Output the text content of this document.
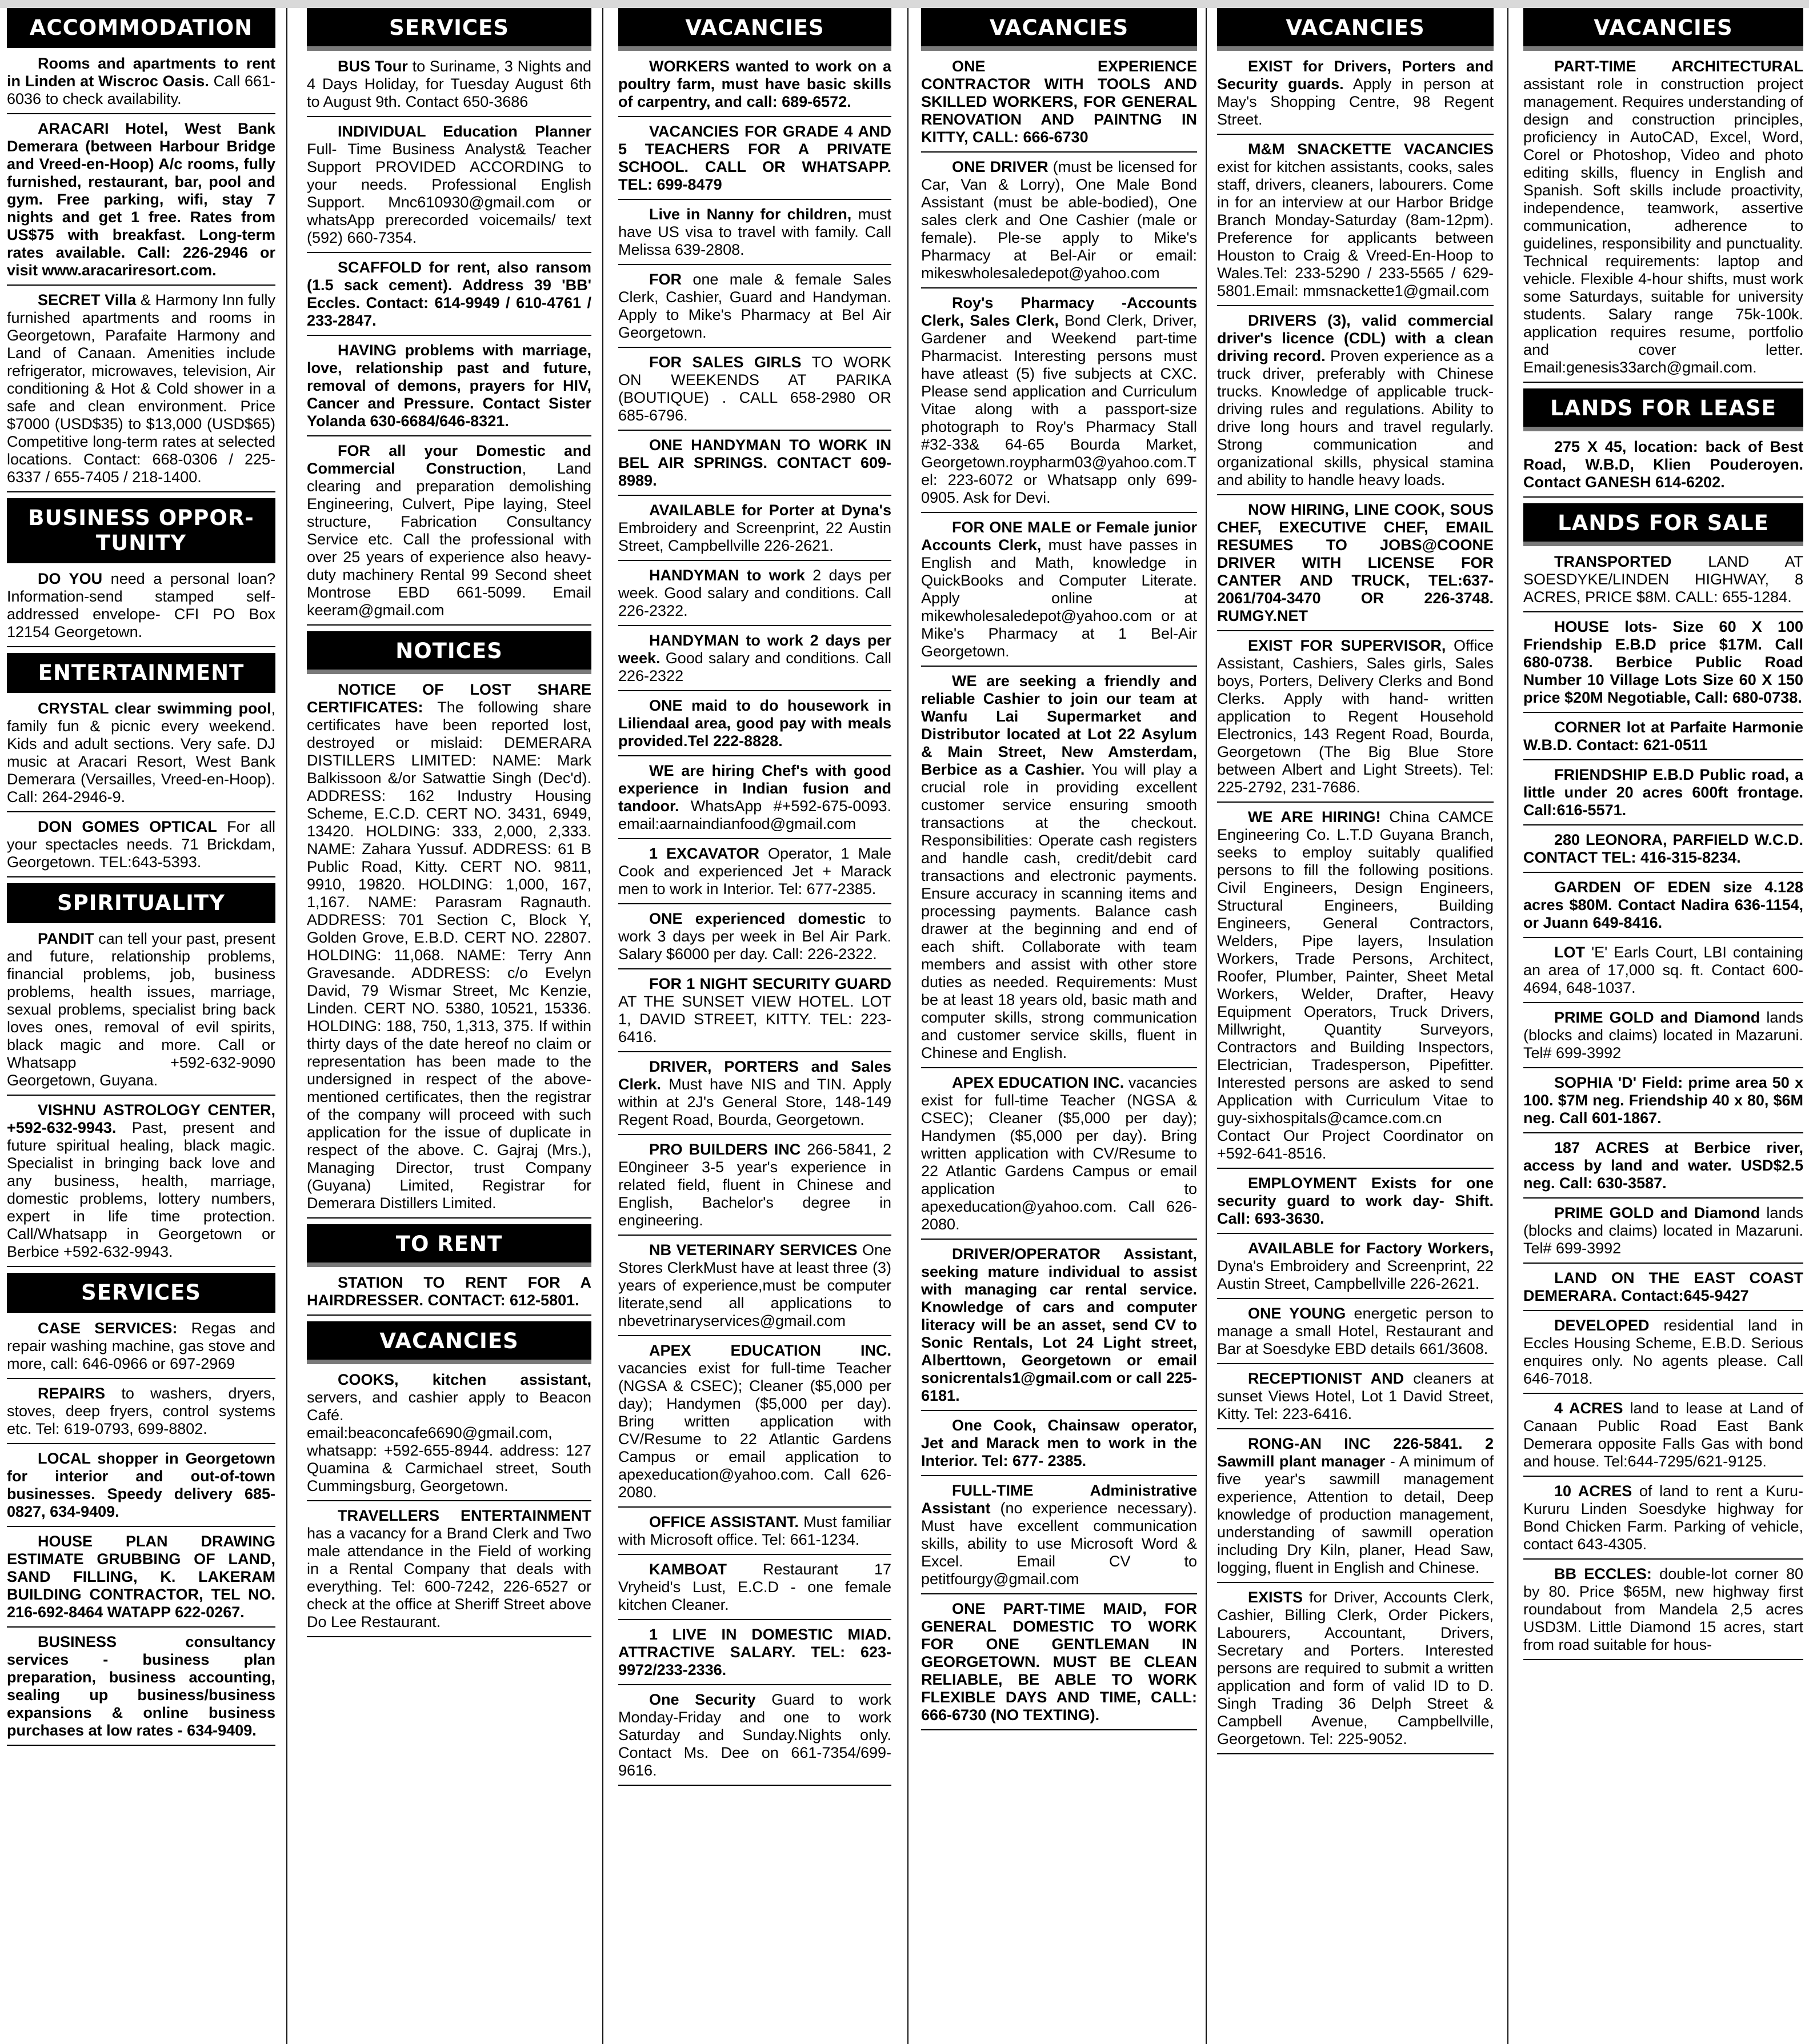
ACCOMMODATION
Rooms and apartments to rent in Linden at Wiscroc Oasis. Call 661-6036 to check availability.
ARACARI Hotel, West Bank Demerara (between Harbour Bridge and Vreed-en-Hoop) A/c rooms, fully furnished, restaurant, bar, pool and gym. Free parking, wifi, stay 7 nights and get 1 free. Rates from US$75 with breakfast. Long-term rates available. Call: 226-2946 or visit www.aracariresort.com.
SECRET Villa & Harmony Inn fully furnished apartments and rooms in Georgetown, Parafaite Harmony and Land of Canaan. Amenities include refrigerator, microwaves, television, Air conditioning & Hot & Cold shower in a safe and clean environment. Price $7000 (USD$35) to $13,000 (USD$65) Competitive long-term rates at selected locations. Contact: 668-0306 / 225-6337 / 655-7405 / 218-1400.
BUSINESS OPPOR-TUNITY
DO YOU need a personal loan? Information-send stamped self-addressed envelope- CFI PO Box 12154 Georgetown.
ENTERTAINMENT
CRYSTAL clear swimming pool, family fun & picnic every weekend. Kids and adult sections. Very safe. DJ music at Aracari Resort, West Bank Demerara (Versailles, Vreed-en-Hoop). Call: 264-2946-9.
DON GOMES OPTICAL For all your spectacles needs. 71 Brickdam, Georgetown. TEL:643-5393.
SPIRITUALITY
PANDIT can tell your past, present and future, relationship problems, financial problems, job, business problems, health issues, marriage, sexual problems, specialist bring back loves ones, removal of evil spirits, black magic and more. Call or Whatsapp +592-632-9090 Georgetown, Guyana.
VISHNU ASTROLOGY CENTER, +592-632-9943. Past, present and future spiritual healing, black magic. Specialist in bringing back love and any business, health, marriage, domestic problems, lottery numbers, expert in life time protection. Call/Whatsapp in Georgetown or Berbice +592-632-9943.
SERVICES
CASE SERVICES: Regas and repair washing machine, gas stove and more, call: 646-0966 or 697-2969
REPAIRS to washers, dryers, stoves, deep fryers, control systems etc. Tel: 619-0793, 699-8802.
LOCAL shopper in Georgetown for interior and out-of-town businesses. Speedy delivery 685-0827, 634-9409.
HOUSE PLAN DRAWING ESTIMATE GRUBBING OF LAND, SAND FILLING, K. LAKERAM BUILDING CONTRACTOR, TEL NO. 216-692-8464 WATAPP 622-0267.
BUSINESS consultancy services - business plan preparation, business accounting, sealing up business/business expansions & online business purchases at low rates - 634-9409.
SERVICES
BUS Tour to Suriname, 3 Nights and 4 Days Holiday, for Tuesday August 6th to August 9th. Contact 650-3686
INDIVIDUAL Education Planner Full- Time Business Analyst& Teacher Support PROVIDED ACCORDING to your needs. Professional English Support. Mnc610930@gmail.com or whatsApp prerecorded voicemails/ text (592) 660-7354.
SCAFFOLD for rent, also ransom (1.5 sack cement). Address 39 'BB' Eccles. Contact: 614-9949 / 610-4761 / 233-2847.
HAVING problems with marriage, love, relationship past and future, removal of demons, prayers for HIV, Cancer and Pressure. Contact Sister Yolanda 630-6684/646-8321.
FOR all your Domestic and Commercial Construction, Land clearing and preparation demolishing Engineering, Culvert, Pipe laying, Steel structure, Fabrication Consultancy Service etc. Call the professional with over 25 years of experience also heavy-duty machinery Rental 99 Second sheet Montrose EBD 661-5099. Email keeram@gmail.com
NOTICES
NOTICE OF LOST SHARE CERTIFICATES: The following share certificates have been reported lost, destroyed or mislaid: DEMERARA DISTILLERS LIMITED: NAME: Mark Balkissoon &/or Satwattie Singh (Dec'd). ADDRESS: 162 Industry Housing Scheme, E.C.D. CERT NO. 3431, 6949, 13420. HOLDING: 333, 2,000, 2,333. NAME: Zahara Yussuf. ADDRESS: 61 B Public Road, Kitty. CERT NO. 9811, 9910, 19820. HOLDING: 1,000, 167, 1,167. NAME: Parasram Ragnauth. ADDRESS: 701 Section C, Block Y, Golden Grove, E.B.D. CERT NO. 22807. HOLDING: 11,068. NAME: Terry Ann Gravesande. ADDRESS: c/o Evelyn David, 79 Wismar Street, Mc Kenzie, Linden. CERT NO. 5380, 10521, 15336. HOLDING: 188, 750, 1,313, 375. If within thirty days of the date hereof no claim or representation has been made to the undersigned in respect of the above-mentioned certificates, then the registrar of the company will proceed with such application for the issue of duplicate in respect of the above. C. Gajraj (Mrs.), Managing Director, trust Company (Guyana) Limited, Registrar for Demerara Distillers Limited.
TO RENT
STATION TO RENT FOR A HAIRDRESSER. CONTACT: 612-5801.
VACANCIES
COOKS, kitchen assistant, servers, and cashier apply to Beacon Café. email:beaconcafe6690@gmail.com, whatsapp: +592-655-8944. address: 127 Quamina & Carmichael street, South Cummingsburg, Georgetown.
TRAVELLERS ENTERTAINMENT has a vacancy for a Brand Clerk and Two male attendance in the Field of working in a Rental Company that deals with everything. Tel: 600-7242, 226-6527 or check at the office at Sheriff Street above Do Lee Restaurant.
VACANCIES
WORKERS wanted to work on a poultry farm, must have basic skills of carpentry, and call: 689-6572.
VACANCIES FOR GRADE 4 AND 5 TEACHERS FOR A PRIVATE SCHOOL. CALL OR WHATSAPP. TEL: 699-8479
Live in Nanny for children, must have US visa to travel with family. Call Melissa 639-2808.
FOR one male & female Sales Clerk, Cashier, Guard and Handyman. Apply to Mike's Pharmacy at Bel Air Georgetown.
FOR SALES GIRLS TO WORK ON WEEKENDS AT PARIKA (BOUTIQUE) . CALL 658-2980 OR 685-6796.
ONE HANDYMAN TO WORK IN BEL AIR SPRINGS. CONTACT 609-8989.
AVAILABLE for Porter at Dyna's Embroidery and Screenprint, 22 Austin Street, Campbellville 226-2621.
HANDYMAN to work 2 days per week. Good salary and conditions. Call 226-2322.
HANDYMAN to work 2 days per week. Good salary and conditions. Call 226-2322
ONE maid to do housework in Liliendaal area, good pay with meals provided.Tel 222-8828.
WE are hiring Chef's with good experience in Indian fusion and tandoor. WhatsApp #+592-675-0093. email:aarnaindianfood@gmail.com
1 EXCAVATOR Operator, 1 Male Cook and experienced Jet + Marack men to work in Interior. Tel: 677-2385.
ONE experienced domestic to work 3 days per week in Bel Air Park. Salary $6000 per day. Call: 226-2322.
FOR 1 NIGHT SECURITY GUARD AT THE SUNSET VIEW HOTEL. LOT 1, DAVID STREET, KITTY. TEL: 223-6416.
DRIVER, PORTERS and Sales Clerk. Must have NIS and TIN. Apply within at 2J's General Store, 148-149 Regent Road, Bourda, Georgetown.
PRO BUILDERS INC 266-5841, 2 E0ngineer 3-5 year's experience in related field, fluent in Chinese and English, Bachelor's degree in engineering.
NB VETERINARY SERVICES One Stores ClerkMust have at least three (3) years of experience,must be computer literate,send all applications to nbevetrinaryservices@gmail.com
APEX EDUCATION INC. vacancies exist for full-time Teacher (NGSA & CSEC); Cleaner ($5,000 per day); Handymen ($5,000 per day). Bring written application with CV/Resume to 22 Atlantic Gardens Campus or email application to apexeducation@yahoo.com. Call 626-2080.
OFFICE ASSISTANT. Must familiar with Microsoft office. Tel: 661-1234.
KAMBOAT Restaurant 17 Vryheid's Lust, E.C.D - one female kitchen Cleaner.
1 LIVE IN DOMESTIC MIAD. ATTRACTIVE SALARY. TEL: 623-9972/233-2336.
One Security Guard to work Monday-Friday and one to work Saturday and Sunday.Nights only. Contact Ms. Dee on 661-7354/699-9616.
VACANCIES
ONE EXPERIENCE CONTRACTOR WITH TOOLS AND SKILLED WORKERS, FOR GENERAL RENOVATION AND PAINTNG IN KITTY, CALL: 666-6730
ONE DRIVER (must be licensed for Car, Van & Lorry), One Male Bond Assistant (must be able-bodied), One sales clerk and One Cashier (male or female). Ple-se apply to Mike's Pharmacy at Bel-Air or email: mikeswholesaledepot@yahoo.com
Roy's Pharmacy -Accounts Clerk, Sales Clerk, Bond Clerk, Driver, Gardener and Weekend part-time Pharmacist. Interesting persons must have atleast (5) five subjects at CXC. Please send application and Curriculum Vitae along with a passport-size photograph to Roy's Pharmacy Stall #32-33& 64-65 Bourda Market, Georgetown.roypharm03@yahoo.com.Tel: 223-6072 or Whatsapp only 699-0905. Ask for Devi.
FOR ONE MALE or Female junior Accounts Clerk, must have passes in English and Math, knowledge in QuickBooks and Computer Literate. Apply online at mikewholesaledepot@yahoo.com or at Mike's Pharmacy at 1 Bel-Air Georgetown.
WE are seeking a friendly and reliable Cashier to join our team at Wanfu Lai Supermarket and Distributor located at Lot 22 Asylum & Main Street, New Amsterdam, Berbice as a Cashier. You will play a crucial role in providing excellent customer service ensuring smooth transactions at the checkout. Responsibilities: Operate cash registers and handle cash, credit/debit card transactions and electronic payments. Ensure accuracy in scanning items and processing payments. Balance cash drawer at the beginning and end of each shift. Collaborate with team members and assist with other store duties as needed. Requirements: Must be at least 18 years old, basic math and computer skills, strong communication and customer service skills, fluent in Chinese and English.
APEX EDUCATION INC. vacancies exist for full-time Teacher (NGSA & CSEC); Cleaner ($5,000 per day); Handymen ($5,000 per day). Bring written application with CV/Resume to 22 Atlantic Gardens Campus or email application to apexeducation@yahoo.com. Call 626-2080.
DRIVER/OPERATOR Assistant, seeking mature individual to assist with managing car rental service. Knowledge of cars and computer literacy will be an asset, send CV to Sonic Rentals, Lot 24 Light street, Alberttown, Georgetown or email sonicrentals1@gmail.com or call 225-6181.
One Cook, Chainsaw operator, Jet and Marack men to work in the Interior. Tel: 677- 2385.
FULL-TIME Administrative Assistant (no experience necessary). Must have excellent communication skills, ability to use Microsoft Word & Excel. Email CV to petitfourgy@gmail.com
ONE PART-TIME MAID, FOR GENERAL DOMESTIC TO WORK FOR ONE GENTLEMAN IN GEORGETOWN. MUST BE CLEAN RELIABLE, BE ABLE TO WORK FLEXIBLE DAYS AND TIME, CALL: 666-6730 (NO TEXTING).
VACANCIES
EXIST for Drivers, Porters and Security guards. Apply in person at May's Shopping Centre, 98 Regent Street.
M&M SNACKETTE VACANCIES exist for kitchen assistants, cooks, sales staff, drivers, cleaners, labourers. Come in for an interview at our Harbor Bridge Branch Monday-Saturday (8am-12pm). Preference for applicants between Houston to Craig & Vreed-En-Hoop to Wales.Tel: 233-5290 / 233-5565 / 629-5801.Email: mmsnackette1@gmail.com
DRIVERS (3), valid commercial driver's licence (CDL) with a clean driving record. Proven experience as a truck driver, preferably with Chinese trucks. Knowledge of applicable truck-driving rules and regulations. Ability to drive long hours and travel regularly. Strong communication and organizational skills, physical stamina and ability to handle heavy loads.
NOW HIRING, LINE COOK, SOUS CHEF, EXECUTIVE CHEF, EMAIL RESUMES TO JOBS@COONE DRIVER WITH LICENSE FOR CANTER AND TRUCK, TEL:637-2061/704-3470 OR 226-3748. RUMGY.NET
EXIST FOR SUPERVISOR, Office Assistant, Cashiers, Sales girls, Sales boys, Porters, Delivery Clerks and Bond Clerks. Apply with hand- written application to Regent Household Electronics, 143 Regent Road, Bourda, Georgetown (The Big Blue Store between Albert and Light Streets). Tel: 225-2792, 231-7686.
WE ARE HIRING! China CAMCE Engineering Co. L.T.D Guyana Branch, seeks to employ suitably qualified persons to fill the following positions. Civil Engineers, Design Engineers, Structural Engineers, Building Engineers, General Contractors, Welders, Pipe layers, Insulation Workers, Trade Persons, Architect, Roofer, Plumber, Painter, Sheet Metal Workers, Welder, Drafter, Heavy Equipment Operators, Truck Drivers, Millwright, Quantity Surveyors, Contractors and Building Inspectors, Electrician, Tradesperson, Pipefitter. Interested persons are asked to send Application with Curriculum Vitae to guy-sixhospitals@camce.com.cn Contact Our Project Coordinator on +592-641-8516.
EMPLOYMENT Exists for one security guard to work day- Shift. Call: 693-3630.
AVAILABLE for Factory Workers, Dyna's Embroidery and Screenprint, 22 Austin Street, Campbellville 226-2621.
ONE YOUNG energetic person to manage a small Hotel, Restaurant and Bar at Soesdyke EBD details 661/3608.
RECEPTIONIST AND cleaners at sunset Views Hotel, Lot 1 David Street, Kitty. Tel: 223-6416.
RONG-AN INC 226-5841. 2 Sawmill plant manager - A minimum of five year's sawmill management experience, Attention to detail, Deep knowledge of production management, understanding of sawmill operation including Dry Kiln, planer, Head Saw, logging, fluent in English and Chinese.
EXISTS for Driver, Accounts Clerk, Cashier, Billing Clerk, Order Pickers, Labourers, Accountant, Drivers, Secretary and Porters. Interested persons are required to submit a written application and form of valid ID to D. Singh Trading 36 Delph Street & Campbell Avenue, Campbellville, Georgetown. Tel: 225-9052.
VACANCIES
PART-TIME ARCHITECTURAL assistant role in construction project management. Requires understanding of design and construction principles, proficiency in AutoCAD, Excel, Word, Corel or Photoshop, Video and photo editing skills, fluency in English and Spanish. Soft skills include proactivity, independence, teamwork, assertive communication, adherence to guidelines, responsibility and punctuality. Technical requirements: laptop and vehicle. Flexible 4-hour shifts, must work some Saturdays, suitable for university students. Salary range 75k-100k. application requires resume, portfolio and cover letter. Email:genesis33arch@gmail.com.
LANDS FOR LEASE
275 X 45, location: back of Best Road, W.B.D, Klien Pouderoyen. Contact GANESH 614-6202.
LANDS FOR SALE
TRANSPORTED LAND AT SOESDYKE/LINDEN HIGHWAY, 8 ACRES, PRICE $8M. CALL: 655-1284.
HOUSE lots- Size 60 X 100 Friendship E.B.D price $17M. Call 680-0738. Berbice Public Road Number 10 Village Lots Size 60 X 150 price $20M Negotiable, Call: 680-0738.
CORNER lot at Parfaite Harmonie W.B.D. Contact: 621-0511
FRIENDSHIP E.B.D Public road, a little under 20 acres 600ft frontage. Call:616-5571.
280 LEONORA, PARFIELD W.C.D. CONTACT TEL: 416-315-8234.
GARDEN OF EDEN size 4.128 acres $80M. Contact Nadira 636-1154, or Juann 649-8416.
LOT 'E' Earls Court, LBI containing an area of 17,000 sq. ft. Contact 600-4694, 648-1037.
PRIME GOLD and Diamond lands (blocks and claims) located in Mazaruni. Tel# 699-3992
SOPHIA 'D' Field: prime area 50 x 100. $7M neg. Friendship 40 x 80, $6M neg. Call 601-1867.
187 ACRES at Berbice river, access by land and water. USD$2.5 neg. Call: 630-3587.
PRIME GOLD and Diamond lands (blocks and claims) located in Mazaruni. Tel# 699-3992
LAND ON THE EAST COAST DEMERARA. Contact:645-9427
DEVELOPED residential land in Eccles Housing Scheme, E.B.D. Serious enquires only. No agents please. Call 646-7018.
4 ACRES land to lease at Land of Canaan Public Road East Bank Demerara opposite Falls Gas with bond and house. Tel:644-7295/621-9125.
10 ACRES of land to rent a Kuru-Kururu Linden Soesdyke highway for Bond Chicken Farm. Parking of vehicle, contact 643-4305.
BB ECCLES: double-lot corner 80 by 80. Price $65M, new highway first roundabout from Mandela 2,5 acres USD3M. Little Diamond 15 acres, start from road suitable for hous-
